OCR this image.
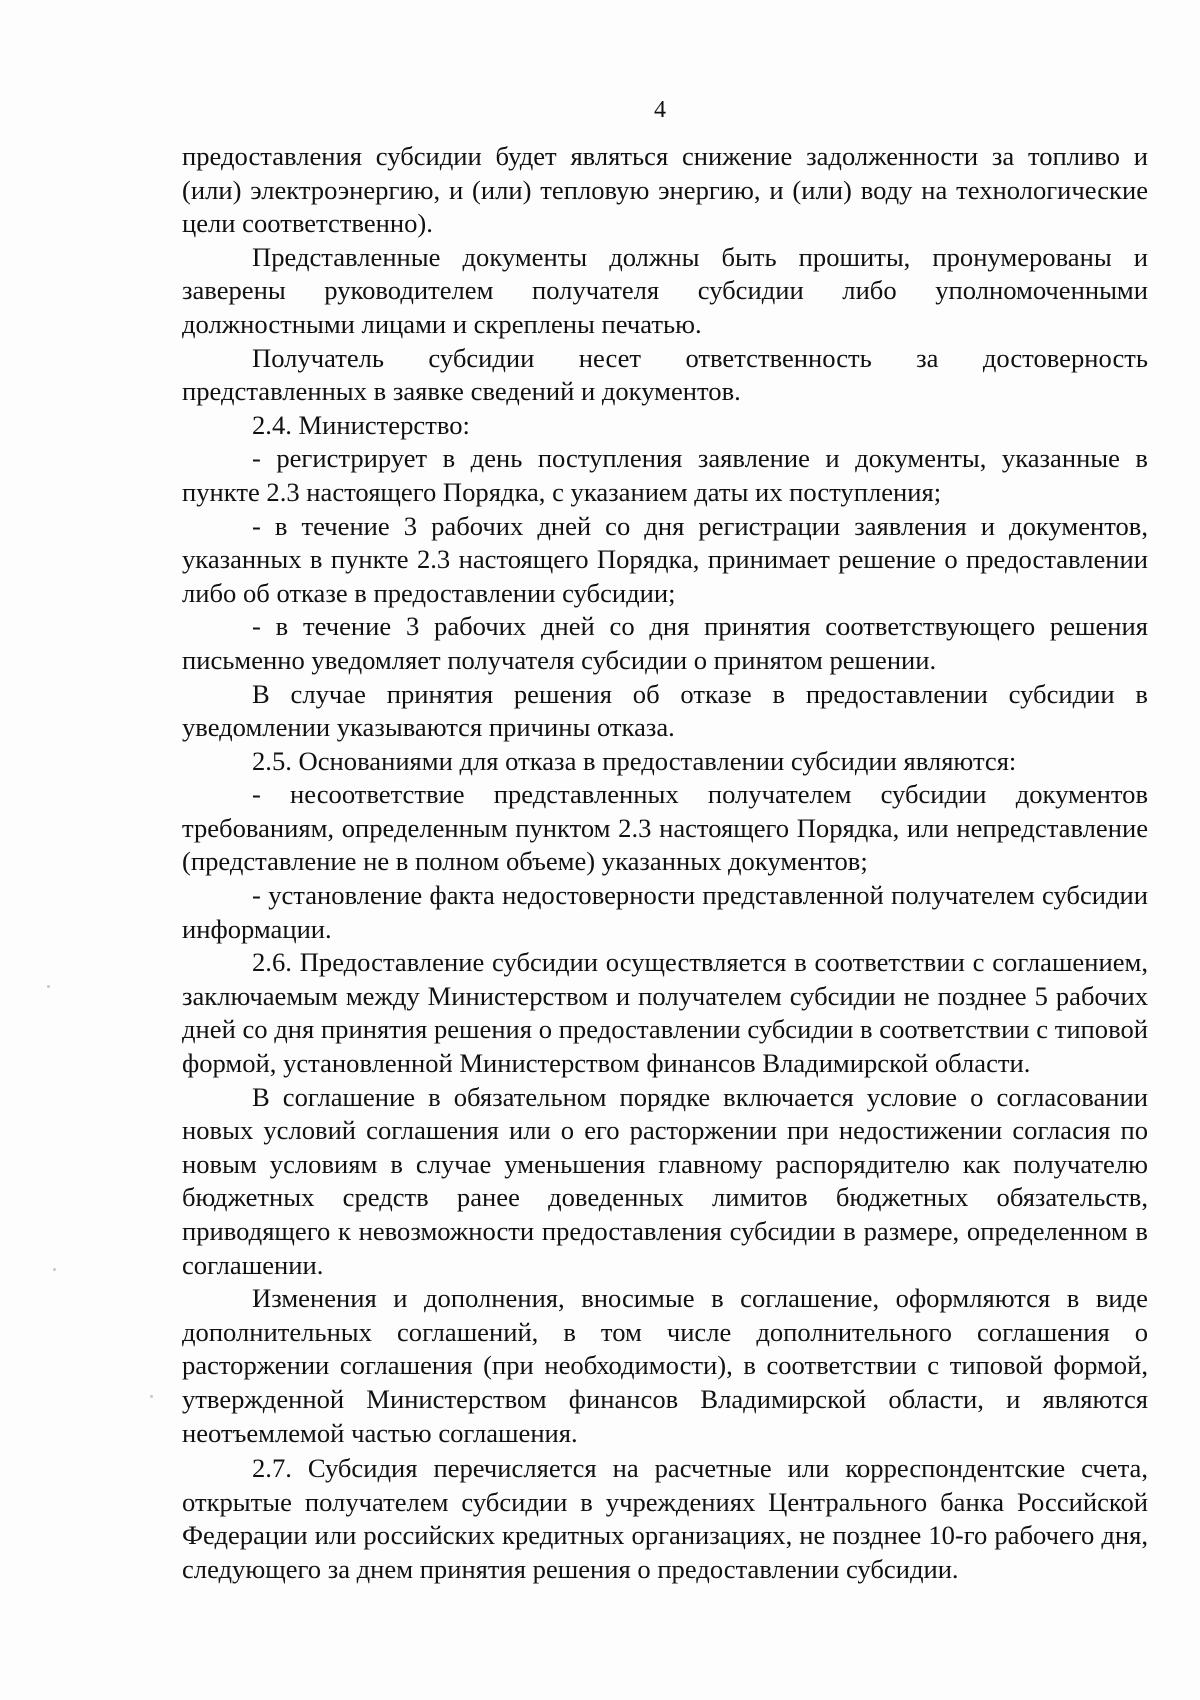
4

предоставления субсидии будет являться снижение задолженности за топливо и (или) электроэнергию, и (или) тепловую энергию, и (или) воду на технологические цели соответственно).

Представленные документы должны быть прошиты, пронумерованы и заверены руководителем получателя субсидии либо уполномоченными должностными лицами и скреплены печатью.

Получатель субсидии несет ответственность за достоверность представленных в заявке сведений и документов.

2.4. Министерство:

- регистрирует в день поступления заявление и документы, указанные в пункте 2.3 настоящего Порядка, с указанием даты их поступления;

- в течение 3 рабочих дней со дня регистрации заявления и документов, указанных в пункте 2.3 настоящего Порядка, принимает решение о предоставлении либо об отказе в предоставлении субсидии;

- в течение 3 рабочих дней со дня принятия соответствующего решения письменно уведомляет получателя субсидии о принятом решении.

В случае принятия решения об отказе в предоставлении субсидии в уведомлении указываются причины отказа.

2.5. Основаниями для отказа в предоставлении субсидии являются:

- несоответствие представленных получателем субсидии документов требованиям, определенным пунктом 2.3 настоящего Порядка, или непредставление (представление не в полном объеме) указанных документов;

- установление факта недостоверности представленной получателем субсидии информации.

2.6. Предоставление субсидии осуществляется в соответствии с соглашением, заключаемым между Министерством и получателем субсидии не позднее 5 рабочих дней со дня принятия решения о предоставлении субсидии в соответствии с типовой формой, установленной Министерством финансов Владимирской области.

В соглашение в обязательном порядке включается условие о согласовании новых условий соглашения или о его расторжении при недостижении согласия по новым условиям в случае уменьшения главному распорядителю как получателю бюджетных средств ранее доведенных лимитов бюджетных обязательств, приводящего к невозможности предоставления субсидии в размере, определенном в соглашении.

Изменения и дополнения, вносимые в соглашение, оформляются в виде дополнительных соглашений, в том числе дополнительного соглашения о расторжении соглашения (при необходимости), в соответствии с типовой формой, утвержденной Министерством финансов Владимирской области, и являются неотъемлемой частью соглашения.

2.7. Субсидия перечисляется на расчетные или корреспондентские счета, открытые получателем субсидии в учреждениях Центрального банка Российской Федерации или российских кредитных организациях, не позднее 10-го рабочего дня, следующего за днем принятия решения о предоставлении субсидии.
